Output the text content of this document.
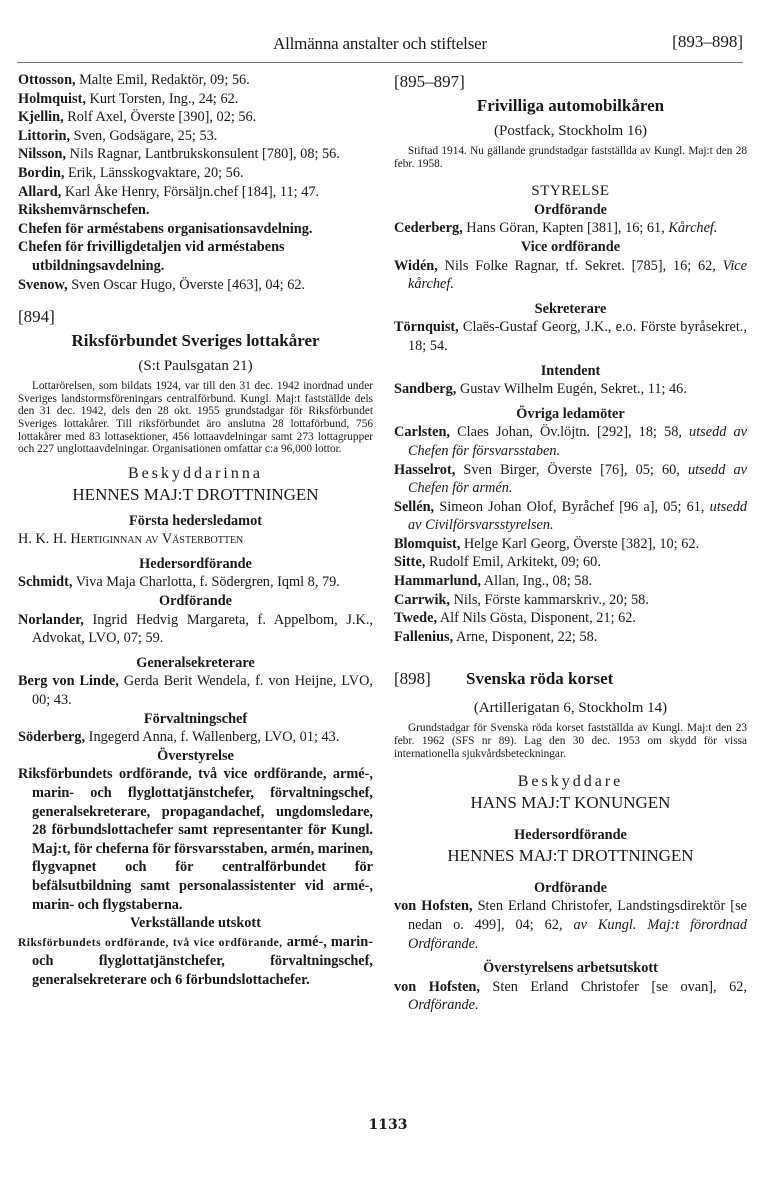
Allmänna anstalter och stiftelser	[893–898]
Ottosson, Malte Emil, Redaktör, 09; 56.
Holmquist, Kurt Torsten, Ing., 24; 62.
Kjellin, Rolf Axel, Överste [390], 02; 56.
Littorin, Sven, Godsägare, 25; 53.
Nilsson, Nils Ragnar, Lantbrukskonsulent [780], 08; 56.
Bordin, Erik, Länsskogvaktare, 20; 56.
Allard, Karl Åke Henry, Försäljn.chef [184], 11; 47.
Rikshemvärnschefen.
Chefen för arméstabens organisationsavdelning.
Chefen för frivilligdetaljen vid arméstabens utbildningsavdelning.
Svenow, Sven Oscar Hugo, Överste [463], 04; 62.
[894]
Riksförbundet Sveriges lottakårer
(S:t Paulsgatan 21)
Lottarörelsen, som bildats 1924, var till den 31 dec. 1942 inordnad under Sveriges landstormsföreningars centralförbund. Kungl. Maj:t fastställde dels den 31 dec. 1942, dels den 28 okt. 1955 grundstadgar för Riksförbundet Sveriges lottakårer. Till riksförbundet äro anslutna 28 lottaförbund, 756 lottakårer med 83 lottasektioner, 456 lottaavdelningar samt 273 lottagrupper och 227 unglottaavdelningar. Organisationen omfattar c:a 96,000 lottor.
Beskyddarinna
HENNES MAJ:T DROTTNINGEN
Första hedersledamot
H. K. H. Hertiginnan av Västerbotten
Hedersordförande
Schmidt, Viva Maja Charlotta, f. Södergren, Iqml 8, 79.
Ordförande
Norlander, Ingrid Hedvig Margareta, f. Appelbom, J.K., Advokat, LVO, 07; 59.
Generalsekreterare
Berg von Linde, Gerda Berit Wendela, f. von Heijne, LVO, 00; 43.
Förvaltningschef
Söderberg, Ingegerd Anna, f. Wallenberg, LVO, 01; 43.
Överstyrelse
Riksförbundets ordförande, två vice ordförande, armé-, marin- och flyglottatjänstchefer, förvaltningschef, generalsekreterare, propagandachef, ungdomsledare, 28 förbundslottachefer samt representanter för Kungl. Maj:t, för cheferna för försvarsstaben, armén, marinen, flygvapnet och för centralförbundet för befälsutbildning samt personalassistenter vid armé-, marin- och flygstaberna.
Verkställande utskott
Riksförbundets ordförande, två vice ordförande, armé-, marin- och flyglottatjänstchefer, förvaltningschef, generalsekreterare och 6 förbundslottachefer.
[895–897]
Frivilliga automobilkåren
(Postfack, Stockholm 16)
Stiftad 1914. Nu gällande grundstadgar fastställda av Kungl. Maj:t den 28 febr. 1958.
STYRELSE
Ordförande
Cederberg, Hans Göran, Kapten [381], 16; 61, Kårchef.
Vice ordförande
Widén, Nils Folke Ragnar, tf. Sekret. [785], 16; 62, Vice kårchef.
Sekreterare
Törnquist, Claës-Gustaf Georg, J.K., e.o. Förste byråsekret., 18; 54.
Intendent
Sandberg, Gustav Wilhelm Eugén, Sekret., 11; 46.
Övriga ledamöter
Carlsten, Claes Johan, Öv.löjtn. [292], 18; 58, utsedd av Chefen för försvarsstaben.
Hasselrot, Sven Birger, Överste [76], 05; 60, utsedd av Chefen för armén.
Sellén, Simeon Johan Olof, Byråchef [96 a], 05; 61, utsedd av Civilförsvarsstyrelsen.
Blomquist, Helge Karl Georg, Överste [382], 10; 62.
Sitte, Rudolf Emil, Arkitekt, 09; 60.
Hammarlund, Allan, Ing., 08; 58.
Carrwik, Nils, Förste kammarskriv., 20; 58.
Twede, Alf Nils Gösta, Disponent, 21; 62.
Fallenius, Arne, Disponent, 22; 58.
[898]	Svenska röda korset
(Artillerigatan 6, Stockholm 14)
Grundstadgar för Svenska röda korset fastställda av Kungl. Maj:t den 23 febr. 1962 (SFS nr 89). Lag den 30 dec. 1953 om skydd för vissa internationella sjukvårdsbeteckningar.
Beskyddare
HANS MAJ:T KONUNGEN
Hedersordförande
HENNES MAJ:T DROTTNINGEN
Ordförande
von Hofsten, Sten Erland Christofer, Landstingsdirektör [se nedan o. 499], 04; 62, av Kungl. Maj:t förordnad Ordförande.
Överstyrelsens arbetsutskott
von Hofsten, Sten Erland Christofer [se ovan], 62, Ordförande.
1133
